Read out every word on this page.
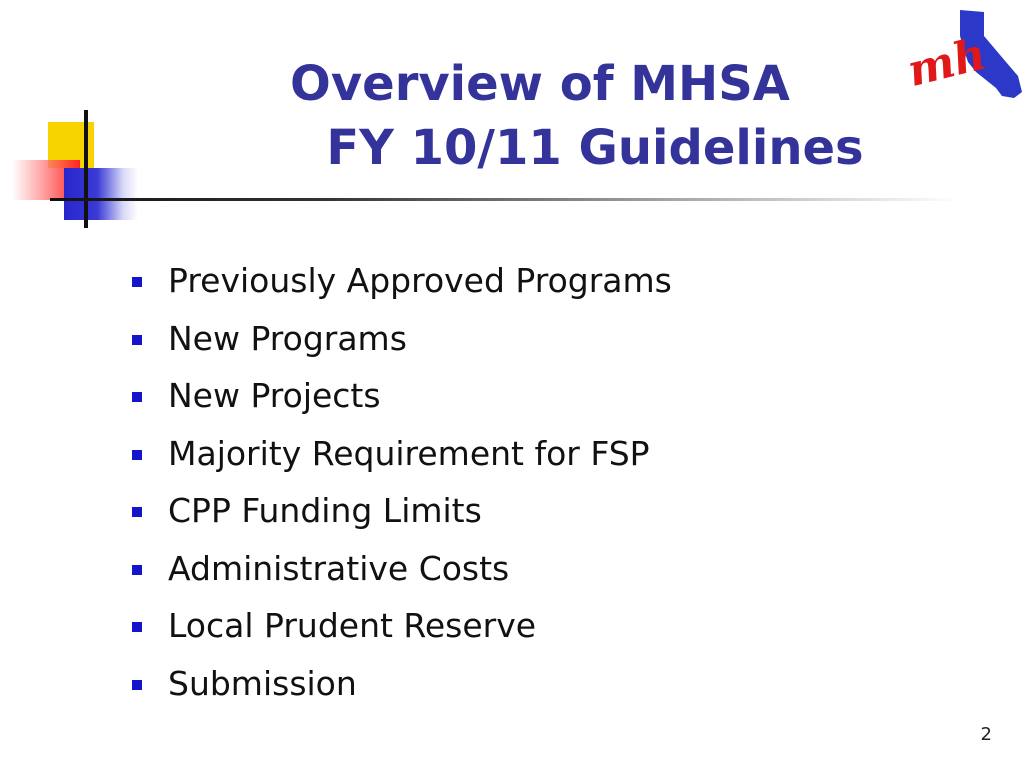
Overview of MHSA
FY 10/11 Guidelines
mh
Previously Approved Programs
New Programs
New Projects
Majority Requirement for FSP
CPP Funding Limits
Administrative Costs
Local Prudent Reserve
Submission
2
